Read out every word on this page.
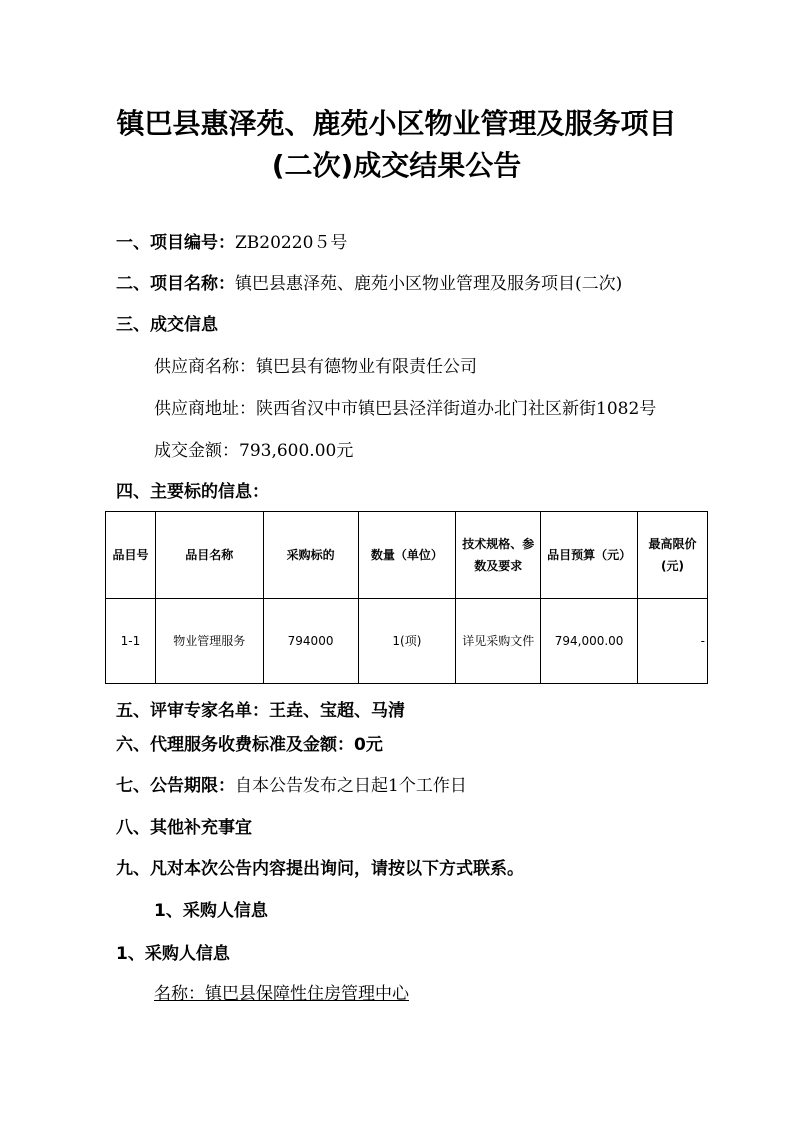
镇巴县惠泽苑、鹿苑小区物业管理及服务项目
(二次)成交结果公告
一、项目编号：ZB20220５号
二、项目名称：镇巴县惠泽苑、鹿苑小区物业管理及服务项目(二次)
三、成交信息
供应商名称：镇巴县有德物业有限责任公司
供应商地址：陕西省汉中市镇巴县泾洋街道办北门社区新街1082号
成交金额：793,600.00元
四、主要标的信息：
品目号	品目名称	采购标的	数量（单位）	技术规格、参数及要求	品目预算（元）	最高限价(元)
1-1	物业管理服务	794000	1(项)	详见采购文件	794,000.00	-
五、评审专家名单：王垚、宝超、马清
六、代理服务收费标准及金额：0元
七、公告期限：自本公告发布之日起1个工作日
八、其他补充事宜
九、凡对本次公告内容提出询问，请按以下方式联系。
1、采购人信息
1、采购人信息
名称：镇巴县保障性住房管理中心
